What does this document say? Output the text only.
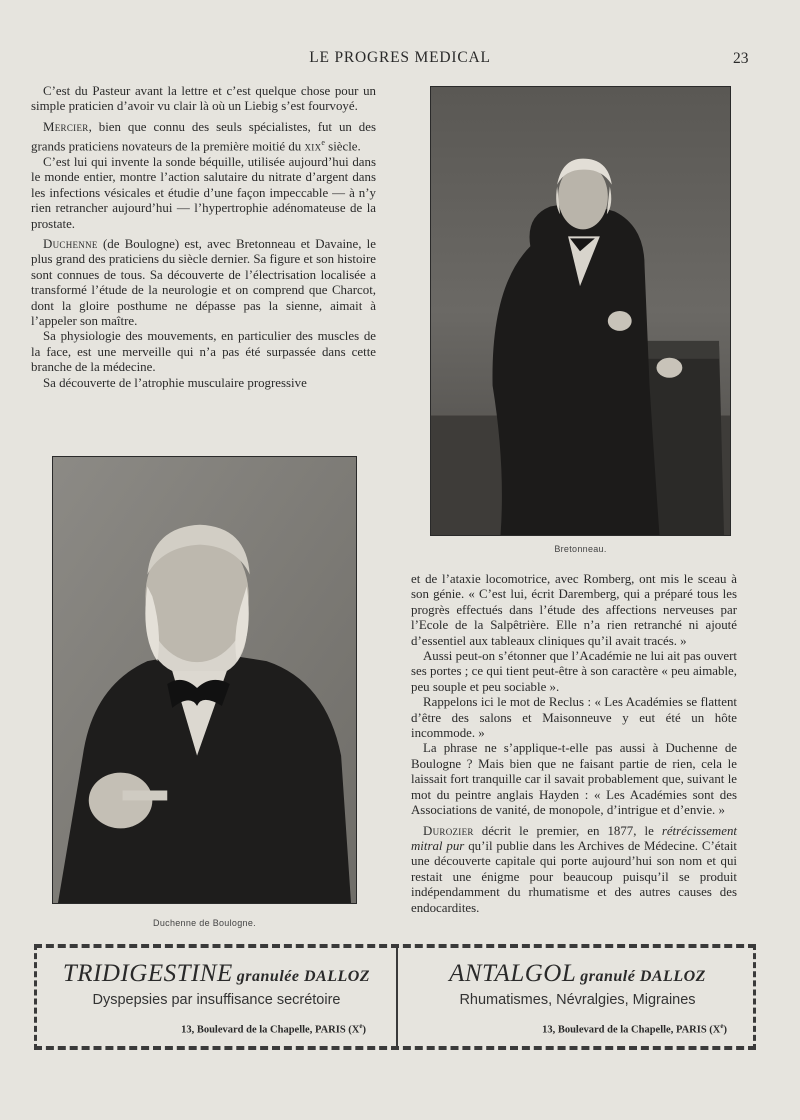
LE PROGRES MEDICAL	23

C’est du Pasteur avant la lettre et c’est quelque chose pour un simple praticien d’avoir vu clair là où un Liebig s’est fourvoyé.

Mercier, bien que connu des seuls spécialistes, fut un des grands praticiens novateurs de la première moitié du xix$^e$ siècle.

C’est lui qui invente la sonde béquille, utilisée aujourd’hui dans le monde entier, montre l’action salutaire du nitrate d’argent dans les infections vésicales et étudie d’une façon impeccable — à n’y rien retrancher aujourd’hui — l’hypertrophie adénomateuse de la prostate.

Duchenne (de Boulogne) est, avec Bretonneau et Davaine, le plus grand des praticiens du siècle dernier. Sa figure et son histoire sont connues de tous. Sa découverte de l’électrisation localisée a transformé l’étude de la neurologie et on comprend que Charcot, dont la gloire posthume ne dépasse pas la sienne, aimait à l’appeler son maître.

Sa physiologie des mouvements, en particulier des muscles de la face, est une merveille qui n’a pas été surpassée dans cette branche de la médecine.

Sa découverte de l’atrophie musculaire progressive

Bretonneau.
Duchenne de Boulogne.

et de l’ataxie locomotrice, avec Romberg, ont mis le sceau à son génie. « C’est lui, écrit Daremberg, qui a préparé tous les progrès effectués dans l’étude des affections nerveuses par l’Ecole de la Salpêtrière. Elle n’a rien retranché ni ajouté d’essentiel aux tableaux cliniques qu’il avait tracés. »

Aussi peut-on s’étonner que l’Académie ne lui ait pas ouvert ses portes ; ce qui tient peut-être à son caractère « peu aimable, peu souple et peu sociable ».

Rappelons ici le mot de Reclus : « Les Académies se flattent d’être des salons et Maisonneuve y eut été un hôte incommode. »

La phrase ne s’applique-t-elle pas aussi à Duchenne de Boulogne ? Mais bien que ne faisant partie de rien, cela le laissait fort tranquille car il savait probablement que, suivant le mot du peintre anglais Hayden : « Les Académies sont des Associations de vanité, de monopole, d’intrigue et d’envie. »

Durozier décrit le premier, en 1877, le rétrécissement mitral pur qu’il publie dans les Archives de Médecine. C’était une découverte capitale qui porte aujourd’hui son nom et qui restait une énigme pour beaucoup puisqu’il se produit indépendamment du rhumatisme et des autres causes des endocardites.

TRIDIGESTINE granulée DALLOZ
Dyspepsies par insuffisance secrétoire
13, Boulevard de la Chapelle, PARIS (Xe)
ANTALGOL granulé DALLOZ
Rhumatismes, Névralgies, Migraines
13, Boulevard de la Chapelle, PARIS (Xe)
